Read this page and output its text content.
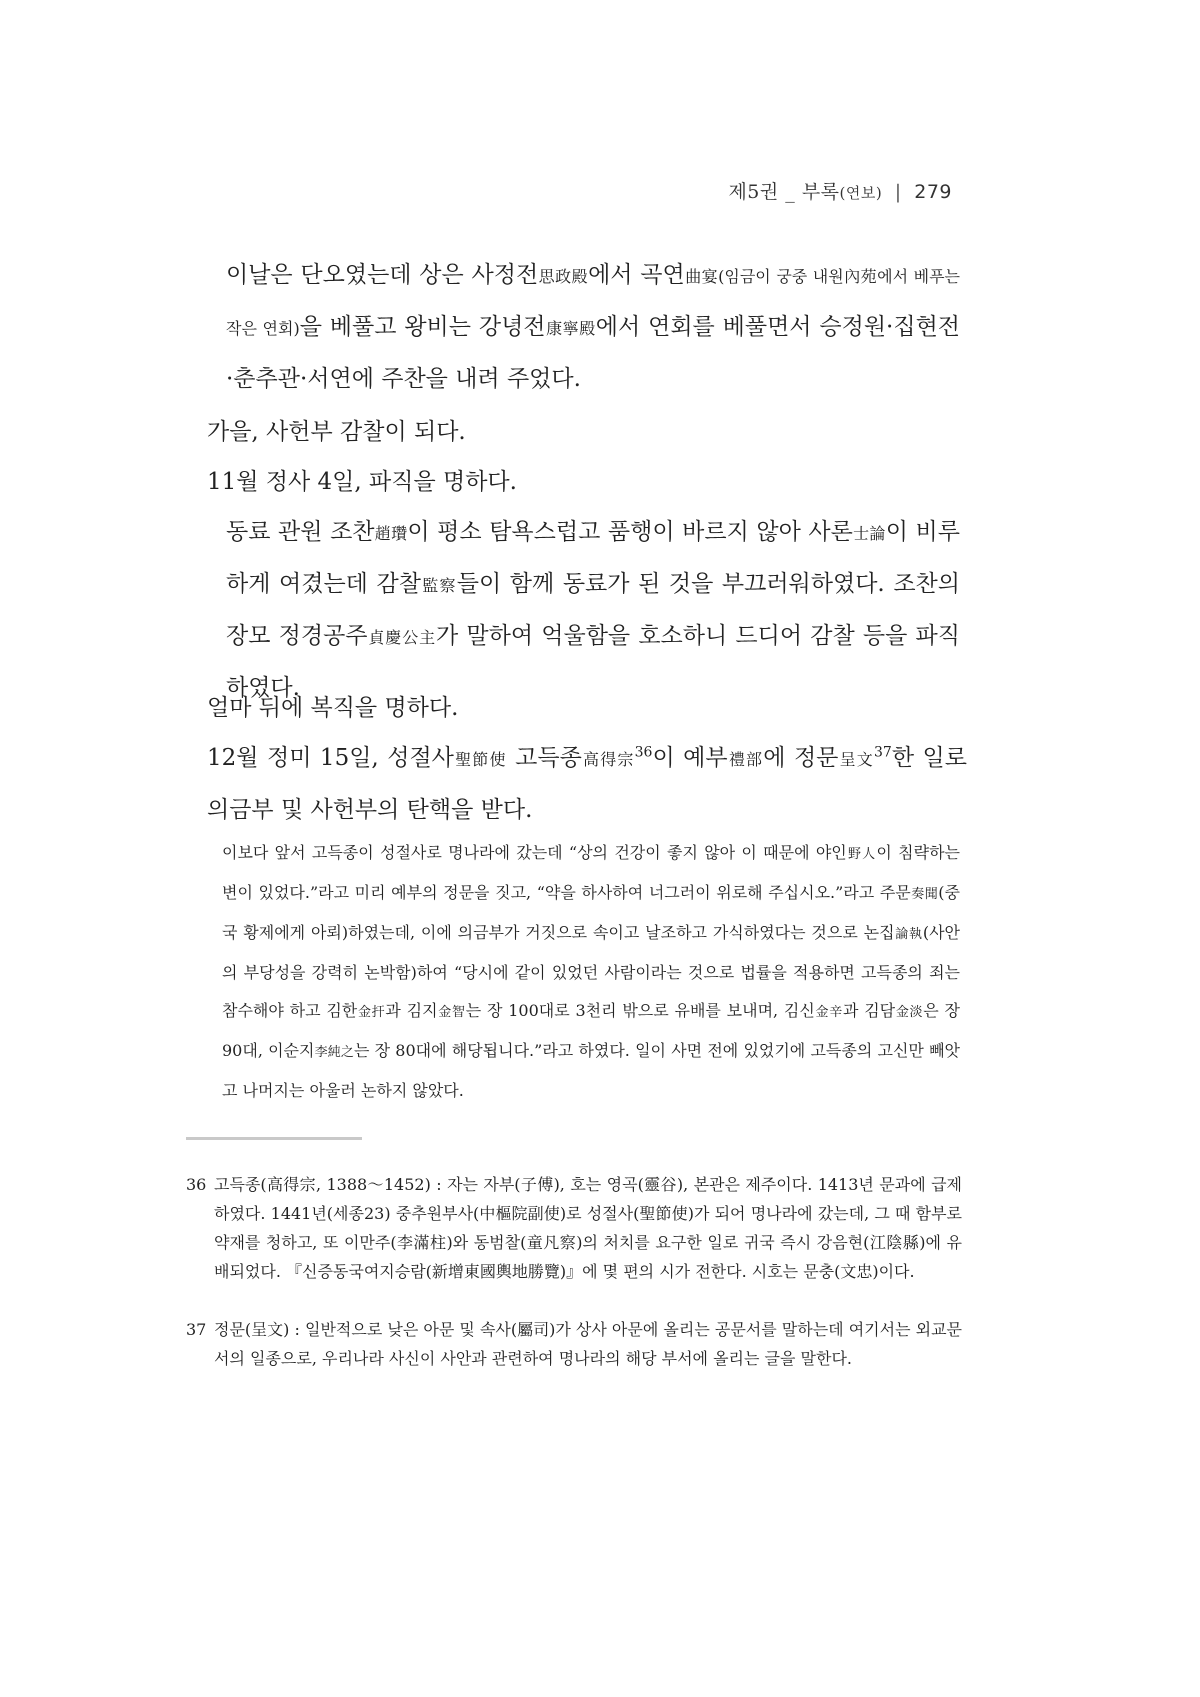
제5권 _ 부록(연보) | 279
이날은 단오였는데 상은 사정전思政殿에서 곡연曲宴(임금이 궁중 내원內苑에서 베푸는 작은 연회)을 베풀고 왕비는 강녕전康寧殿에서 연회를 베풀면서 승정원·집현전·춘추관·서연에 주찬을 내려 주었다.
가을, 사헌부 감찰이 되다.
11월 정사 4일, 파직을 명하다.
동료 관원 조찬趙瓚이 평소 탐욕스럽고 품행이 바르지 않아 사론士論이 비루하게 여겼는데 감찰監察들이 함께 동료가 된 것을 부끄러워하였다. 조찬의 장모 정경공주貞慶公主가 말하여 억울함을 호소하니 드디어 감찰 등을 파직하였다.
얼마 뒤에 복직을 명하다.
12월 정미 15일, 성절사聖節使 고득종高得宗$^{36}$이 예부禮部에 정문呈文$^{37}$한 일로 의금부 및 사헌부의 탄핵을 받다.
이보다 앞서 고득종이 성절사로 명나라에 갔는데 “상의 건강이 좋지 않아 이 때문에 야인野人이 침략하는 변이 있었다.”라고 미리 예부의 정문을 짓고, “약을 하사하여 너그러이 위로해 주십시오.”라고 주문奏聞(중국 황제에게 아뢰)하였는데, 이에 의금부가 거짓으로 속이고 날조하고 가식하였다는 것으로 논집論執(사안의 부당성을 강력히 논박함)하여 “당시에 같이 있었던 사람이라는 것으로 법률을 적용하면 고득종의 죄는 참수해야 하고 김한金扞과 김지金智는 장 100대로 3천리 밖으로 유배를 보내며, 김신金辛과 김담金淡은 장 90대, 이순지李純之는 장 80대에 해당됩니다.”라고 하였다. 일이 사면 전에 있었기에 고득종의 고신만 빼앗고 나머지는 아울러 논하지 않았다.
36 고득종(高得宗, 1388～1452) : 자는 자부(子傅), 호는 영곡(靈谷), 본관은 제주이다. 1413년 문과에 급제하였다. 1441년(세종23) 중추원부사(中樞院副使)로 성절사(聖節使)가 되어 명나라에 갔는데, 그 때 함부로 약재를 청하고, 또 이만주(李滿柱)와 동범찰(童凡察)의 처치를 요구한 일로 귀국 즉시 강음현(江陰縣)에 유배되었다. 『신증동국여지승람(新增東國輿地勝覽)』에 몇 편의 시가 전한다. 시호는 문충(文忠)이다.
37 정문(呈文) : 일반적으로 낮은 아문 및 속사(屬司)가 상사 아문에 올리는 공문서를 말하는데 여기서는 외교문서의 일종으로, 우리나라 사신이 사안과 관련하여 명나라의 해당 부서에 올리는 글을 말한다.
